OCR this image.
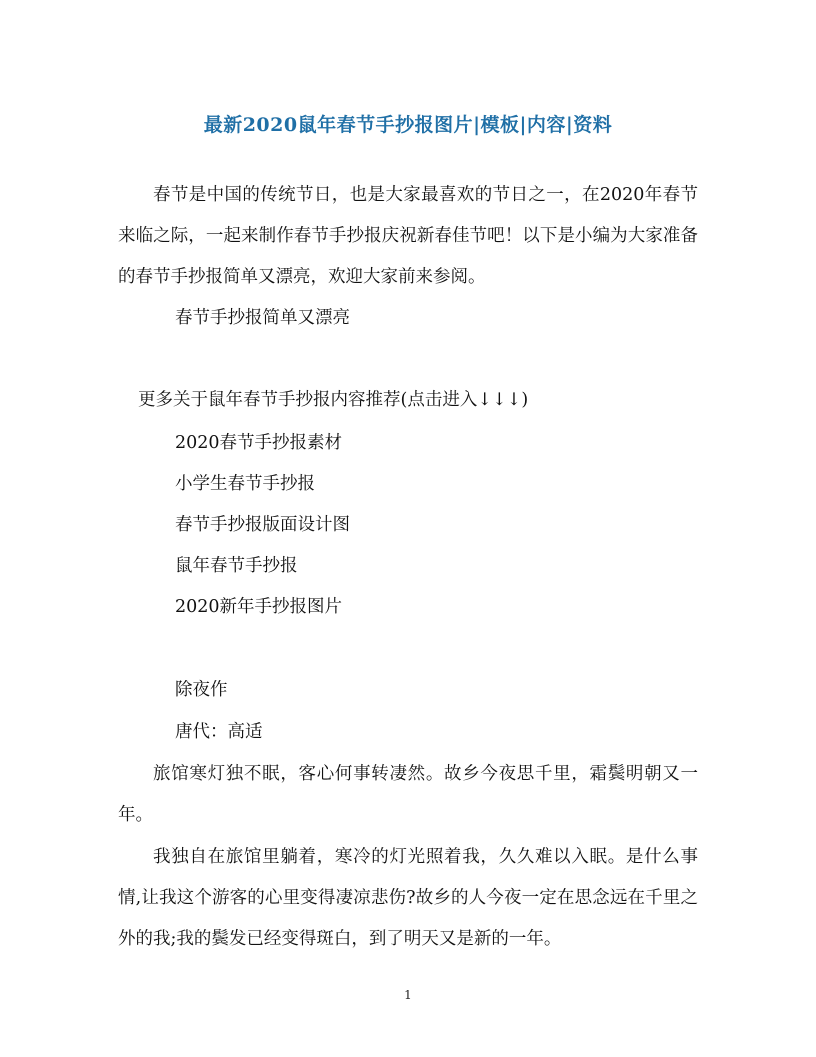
最新2020鼠年春节手抄报图片|模板|内容|资料

春节是中国的传统节日，也是大家最喜欢的节日之一，在2020年春节来临之际，一起来制作春节手抄报庆祝新春佳节吧！以下是小编为大家准备的春节手抄报简单又漂亮，欢迎大家前来参阅。

春节手抄报简单又漂亮
更多关于鼠年春节手抄报内容推荐(点击进入↓↓↓)
2020春节手抄报素材
小学生春节手抄报
春节手抄报版面设计图
鼠年春节手抄报
2020新年手抄报图片
除夜作
唐代：高适

旅馆寒灯独不眠，客心何事转凄然。故乡今夜思千里，霜鬓明朝又一年。

我独自在旅馆里躺着，寒冷的灯光照着我，久久难以入眠。是什么事情,让我这个游客的心里变得凄凉悲伤?故乡的人今夜一定在思念远在千里之外的我;我的鬓发已经变得斑白，到了明天又是新的一年。

1
